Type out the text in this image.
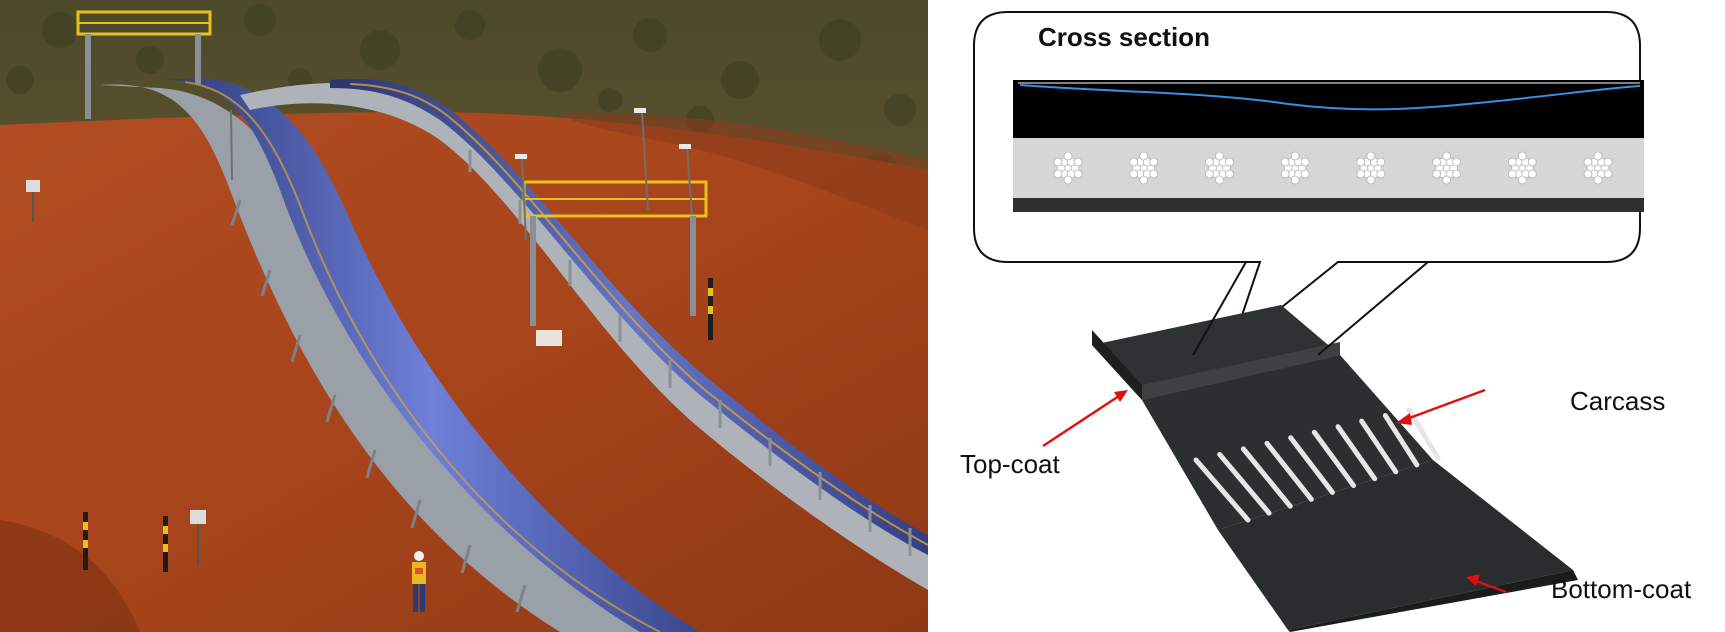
Cross section
Top-coat
Carcass
Bottom-coat
